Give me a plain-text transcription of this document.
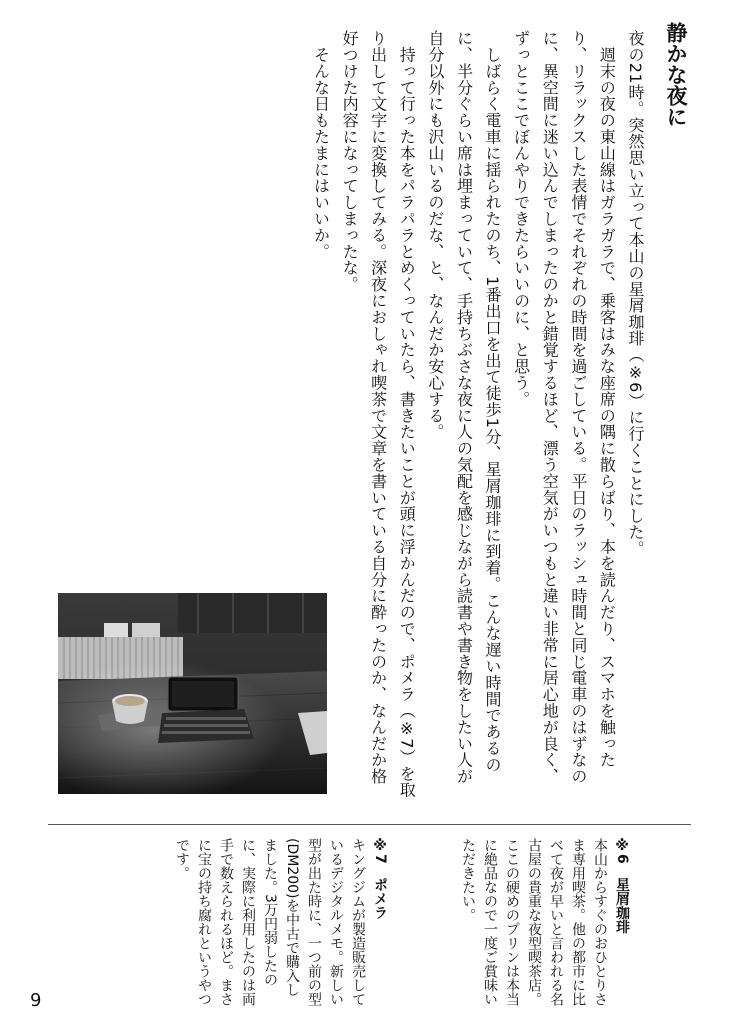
静かな夜に
夜の21時。突然思い立って本山の星屑珈琲（※6）に行くことにした。
　週末の夜の東山線はガラガラで、乗客はみな座席の隅に散らばり、本を読んだり、スマホを触ったり、リラックスした表情でそれぞれの時間を過ごしている。平日のラッシュ時間と同じ電車のはずなのに、異空間に迷い込んでしまったのかと錯覚するほど、漂う空気がいつもと違い非常に居心地が良く、ずっとここでぼんやりできたらいいのに、と思う。
　しばらく電車に揺られたのち、1番出口を出て徒歩1分、星屑珈琲に到着。こんな遅い時間であるのに、半分ぐらい席は埋まっていて、手持ちぶさな夜に人の気配を感じながら読書や書き物をしたい人が自分以外にも沢山いるのだな、と、なんだか安心する。
　持って行った本をパラパラとめくっていたら、書きたいことが頭に浮かんだので、ポメラ（※7）を取り出して文字に変換してみる。深夜におしゃれ喫茶で文章を書いている自分に酔ったのか、なんだか格好つけた内容になってしまったな。
　そんな日もたまにはいいか。
※6　星屑珈琲
本山からすぐのおひとりさま専用喫茶。他の都市に比べて夜が早いと言われる名古屋の貴重な夜型喫茶店。ここの硬めのプリンは本当に絶品なので一度ご賞味いただきたい。
※7　ポメラ
キングジムが製造販売しているデジタルメモ。新しい型が出た時に、一つ前の型(DM200)を中古で購入しました。3万円弱したのに、実際に利用したのは両手で数えられるほど。まさに宝の持ち腐れというやつです。
9
